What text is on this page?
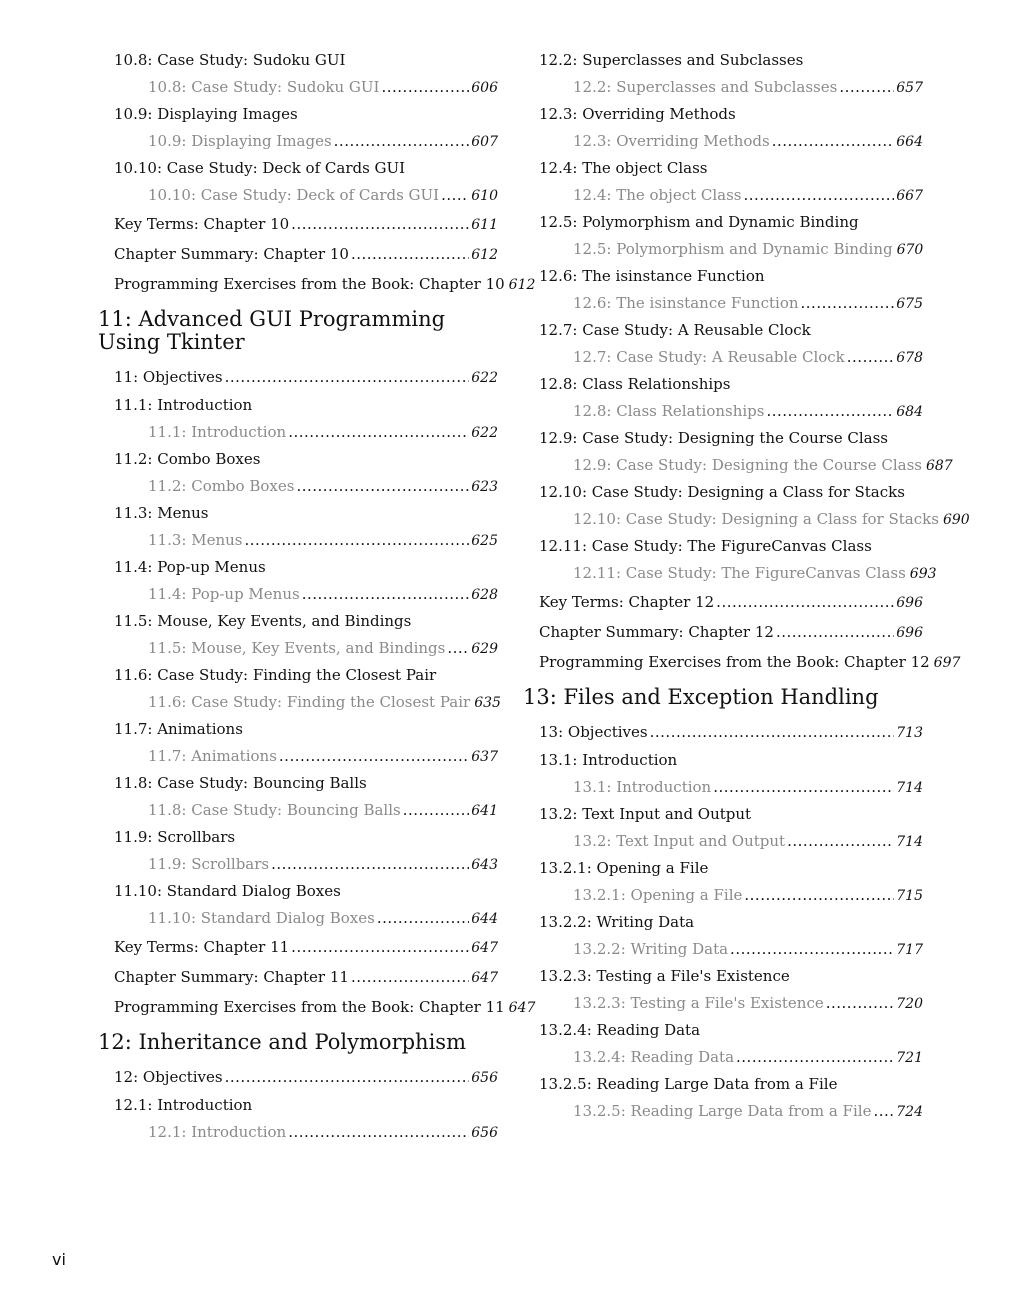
10.8: Case Study: Sudoku GUI
10.8: Case Study: Sudoku GUI .....	606
10.9: Displaying Images
10.9: Displaying Images .....	607
10.10: Case Study: Deck of Cards GUI
10.10: Case Study: Deck of Cards GUI ..... 610
Key Terms: Chapter 10 .....	611
Chapter Summary: Chapter 10 .....	612
Programming Exercises from the Book: Chapter 10 612
11: Advanced GUI Programming Using Tkinter
11: Objectives .....	622
11.1: Introduction
11.1: Introduction .....	622
11.2: Combo Boxes
11.2: Combo Boxes .....	623
11.3: Menus
11.3: Menus .....	625
11.4: Pop-up Menus
11.4: Pop-up Menus .....	628
11.5: Mouse, Key Events, and Bindings
11.5: Mouse, Key Events, and Bindings ..... 629
11.6: Case Study: Finding the Closest Pair
11.6: Case Study: Finding the Closest Pair 635
11.7: Animations
11.7: Animations .....	637
11.8: Case Study: Bouncing Balls
11.8: Case Study: Bouncing Balls .....	641
11.9: Scrollbars
11.9: Scrollbars .....	643
11.10: Standard Dialog Boxes
11.10: Standard Dialog Boxes .....	644
Key Terms: Chapter 11 .....	647
Chapter Summary: Chapter 11 .....	647
Programming Exercises from the Book: Chapter 11 647
12: Inheritance and Polymorphism
12: Objectives .....	656
12.1: Introduction
12.1: Introduction .....	656
12.2: Superclasses and Subclasses
12.2: Superclasses and Subclasses .....	657
12.3: Overriding Methods
12.3: Overriding Methods .....	664
12.4: The object Class
12.4: The object Class .....	667
12.5: Polymorphism and Dynamic Binding
12.5: Polymorphism and Dynamic Binding 670
12.6: The isinstance Function
12.6: The isinstance Function .....	675
12.7: Case Study: A Reusable Clock
12.7: Case Study: A Reusable Clock .....	678
12.8: Class Relationships
12.8: Class Relationships .....	684
12.9: Case Study: Designing the Course Class
12.9: Case Study: Designing the Course Class 687
12.10: Case Study: Designing a Class for Stacks
12.10: Case Study: Designing a Class for Stacks 690
12.11: Case Study: The FigureCanvas Class
12.11: Case Study: The FigureCanvas Class 693
Key Terms: Chapter 12 .....	696
Chapter Summary: Chapter 12 .....	696
Programming Exercises from the Book: Chapter 12 697
13: Files and Exception Handling
13: Objectives .....	713
13.1: Introduction
13.1: Introduction .....	714
13.2: Text Input and Output
13.2: Text Input and Output .....	714
13.2.1: Opening a File
13.2.1: Opening a File .....	715
13.2.2: Writing Data
13.2.2: Writing Data .....	717
13.2.3: Testing a File's Existence
13.2.3: Testing a File's Existence .....	720
13.2.4: Reading Data
13.2.4: Reading Data .....	721
13.2.5: Reading Large Data from a File
13.2.5: Reading Large Data from a File ..... 724
vi
